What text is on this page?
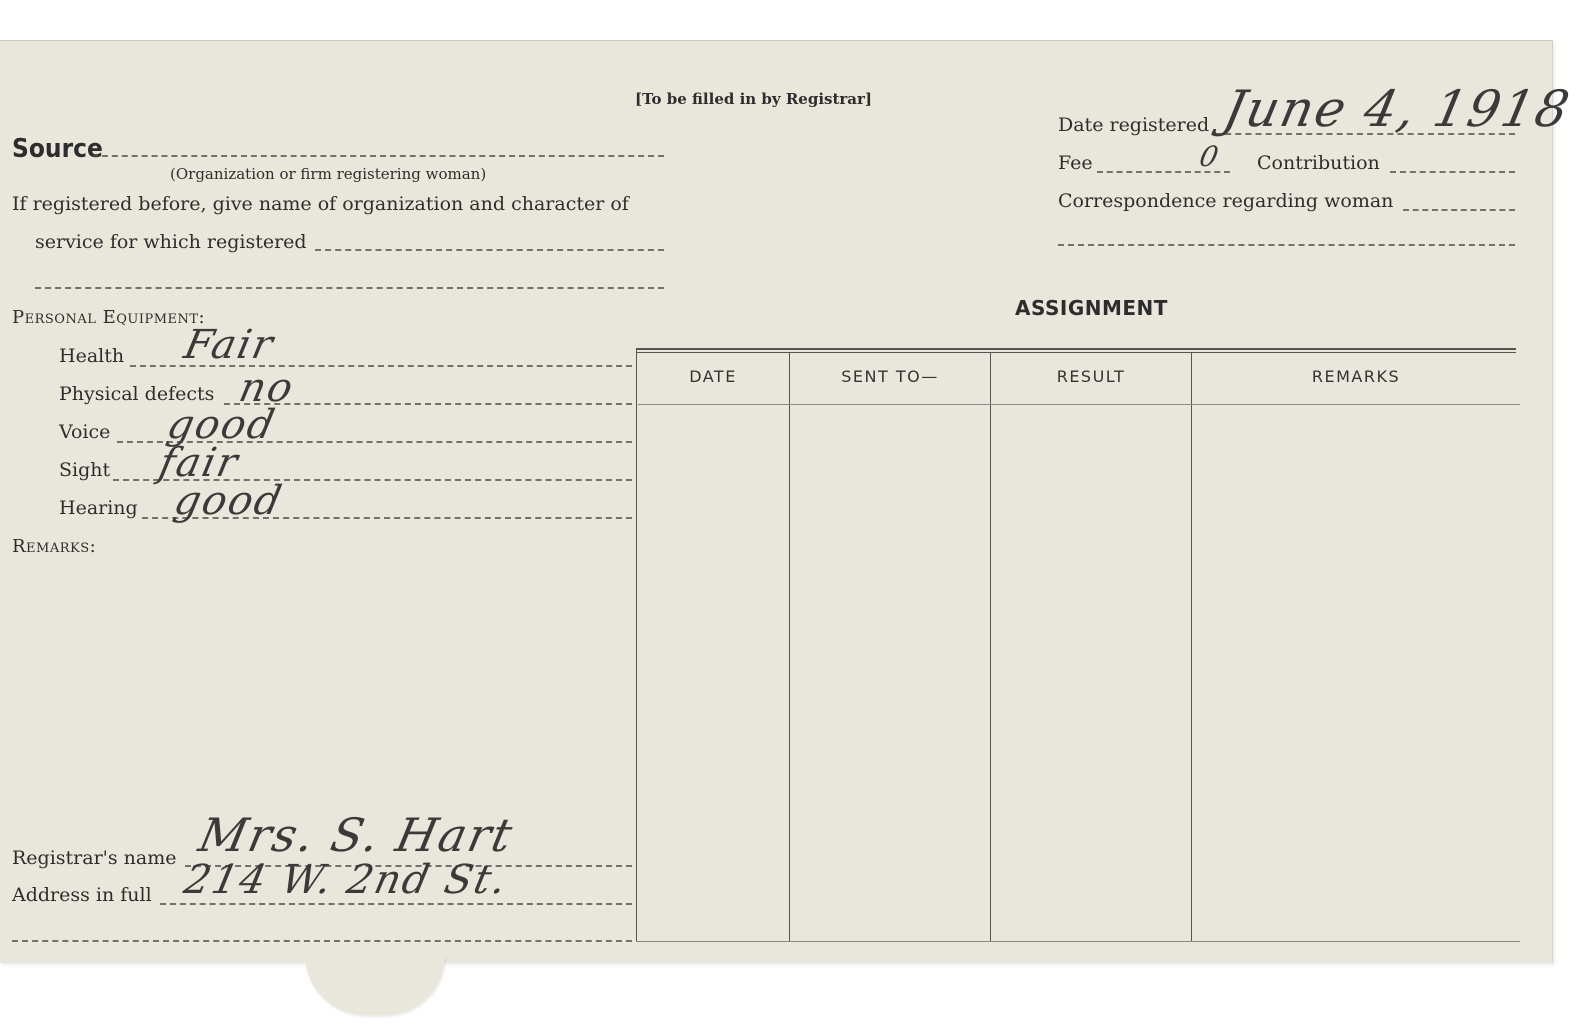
[To be filled in by Registrar]
Source
(Organization or firm registering woman)
If registered before, give name of organization and character of
service for which registered
Personal Equipment:
Health Fair
Physical defects no
Voice good
Sight fair
Hearing good
Remarks:
Registrar's name Mrs. S. Hart
Address in full 214 W. 2nd St.
Date registered June 4, 1918
Fee	0 Contribution
Correspondence regarding woman
ASSIGNMENT
DATE	SENT TO—	RESULT	REMARKS
